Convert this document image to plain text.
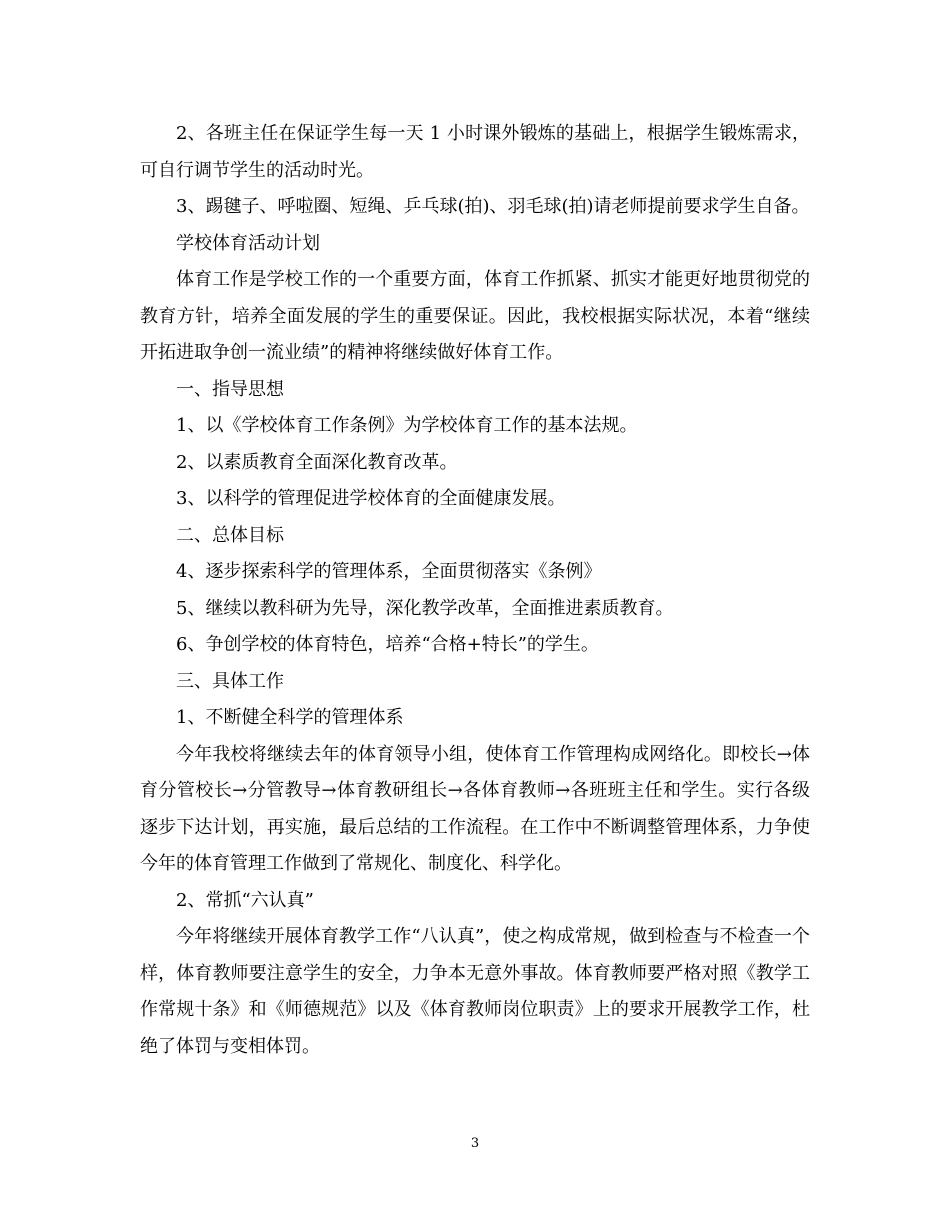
2、各班主任在保证学生每一天 1 小时课外锻炼的基础上，根据学生锻炼需求，可自行调节学生的活动时光。

3、踢毽子、呼啦圈、短绳、乒乓球(拍)、羽毛球(拍)请老师提前要求学生自备。

学校体育活动计划

体育工作是学校工作的一个重要方面，体育工作抓紧、抓实才能更好地贯彻党的教育方针，培养全面发展的学生的重要保证。因此，我校根据实际状况，本着“继续开拓进取争创一流业绩”的精神将继续做好体育工作。

一、指导思想

1、以《学校体育工作条例》为学校体育工作的基本法规。

2、以素质教育全面深化教育改革。

3、以科学的管理促进学校体育的全面健康发展。

二、总体目标

4、逐步探索科学的管理体系，全面贯彻落实《条例》

5、继续以教科研为先导，深化教学改革，全面推进素质教育。

6、争创学校的体育特色，培养“合格+特长”的学生。

三、具体工作

1、不断健全科学的管理体系

今年我校将继续去年的体育领导小组，使体育工作管理构成网络化。即校长→体育分管校长→分管教导→体育教研组长→各体育教师→各班班主任和学生。实行各级逐步下达计划，再实施，最后总结的工作流程。在工作中不断调整管理体系，力争使今年的体育管理工作做到了常规化、制度化、科学化。

2、常抓“六认真”

今年将继续开展体育教学工作“八认真”，使之构成常规，做到检查与不检查一个样，体育教师要注意学生的安全，力争本无意外事故。体育教师要严格对照《教学工作常规十条》和《师德规范》以及《体育教师岗位职责》上的要求开展教学工作，杜绝了体罚与变相体罚。

3
